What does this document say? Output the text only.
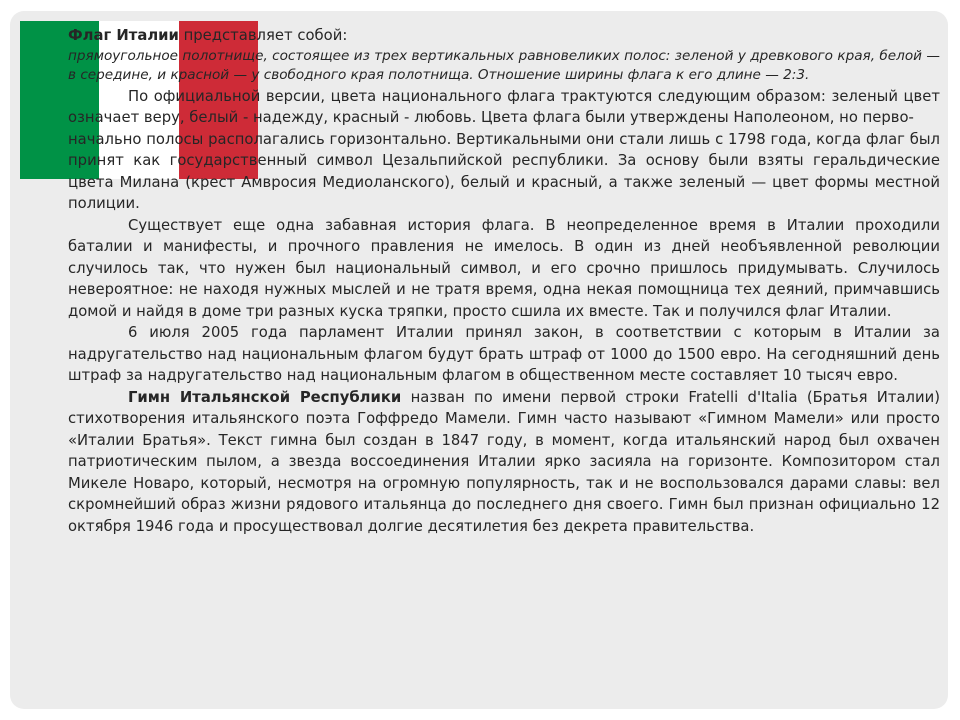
Флаг Италии представляет собой:

прямоугольное полотнище, состоящее из трех вертикальных равновеликих полос: зеленой у древкового края, белой — в середине, и красной — у свободного края полотнища. Отношение ширины флага к его длине — 2:3.

По официальной версии, цвета национального флага трактуются следующим образом: зеленый цвет означает веру, белый - надежду, красный - любовь. Цвета флага были утверждены Наполеоном, но перво-

начально полосы располагались горизонтально. Вертикальными они стали лишь с 1798 года, когда флаг был принят как государственный символ Цезальпийской республики. За основу были взяты геральдические цвета Милана (крест Амвросия Медиоланского), белый и красный, а также зеленый — цвет формы местной полиции.

Существует еще одна забавная история флага. В неопределенное время в Италии проходили баталии и манифесты, и прочного правления не имелось. В один из дней необъявленной революции случилось так, что нужен был национальный символ, и его срочно пришлось придумывать. Случилось невероятное: не находя нужных мыслей и не тратя время, одна некая помощница тех деяний, примчавшись домой и найдя в доме три разных куска тряпки, просто сшила их вместе. Так и получился флаг Италии.

6 июля 2005 года парламент Италии принял закон, в соответствии с которым в Италии за надругательство над национальным флагом будут брать штраф от 1000 до 1500 евро. На сегодняшний день штраф за надругательство над национальным флагом в общественном месте составляет 10 тысяч евро.

Гимн Итальянской Республики назван по имени первой строки Fratelli d'Italia (Братья Италии) стихотворения итальянского поэта Гоффредо Мамели. Гимн часто называют «Гимном Мамели» или просто «Италии Братья». Текст гимна был создан в 1847 году, в момент, когда итальянский народ был охвачен патриотическим пылом, а звезда воссоединения Италии ярко засияла на горизонте. Композитором стал Микеле Новаро, который, несмотря на огромную популярность, так и не воспользовался дарами славы: вел скромнейший образ жизни рядового итальянца до последнего дня своего. Гимн был признан официально 12 октября 1946 года и просуществовал долгие десятилетия без декрета правительства.
